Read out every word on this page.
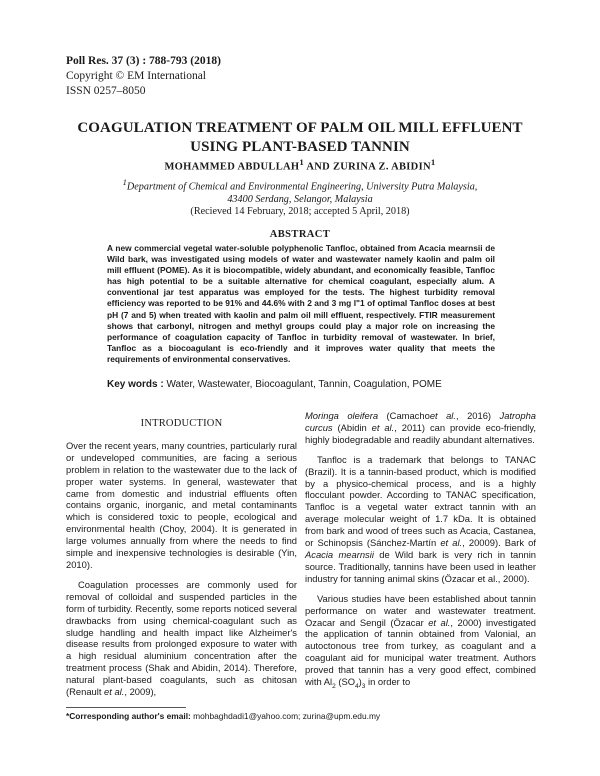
Poll Res. 37 (3) : 788-793 (2018)
Copyright © EM International
ISSN 0257–8050
COAGULATION TREATMENT OF PALM OIL MILL EFFLUENT
USING PLANT-BASED TANNIN
MOHAMMED ABDULLAH$^1$ AND ZURINA Z. ABIDIN$^1$
$^1$Department of Chemical and Environmental Engineering, University Putra Malaysia,
43400 Serdang, Selangor, Malaysia
(Recieved 14 February, 2018; accepted 5 April, 2018)
ABSTRACT
A new commercial vegetal water-soluble polyphenolic Tanfloc, obtained from Acacia mearnsii de Wild bark, was investigated using models of water and wastewater namely kaolin and palm oil mill effluent (POME). As it is biocompatible, widely abundant, and economically feasible, Tanfloc has high potential to be a suitable alternative for chemical coagulant, especially alum. A conventional jar test apparatus was employed for the tests. The highest turbidity removal efficiency was reported to be 91% and 44.6% with 2 and 3 mg l"1 of optimal Tanfloc doses at best pH (7 and 5) when treated with kaolin and palm oil mill effluent, respectively. FTIR measurement shows that carbonyl, nitrogen and methyl groups could play a major role on increasing the performance of coagulation capacity of Tanfloc in turbidity removal of wastewater. In brief, Tanfloc as a biocoagulant is eco-friendly and it improves water quality that meets the requirements of environmental conservatives.
Key words : Water, Wastewater, Biocoagulant, Tannin, Coagulation, POME
INTRODUCTION

Over the recent years, many countries, particularly rural or undeveloped communities, are facing a serious problem in relation to the wastewater due to the lack of proper water systems. In general, wastewater that came from domestic and industrial effluents often contains organic, inorganic, and metal contaminants which is considered toxic to people, ecological and environmental health (Choy, 2004). It is generated in large volumes annually from where the needs to find simple and inexpensive technologies is desirable (Yin, 2010).

Coagulation processes are commonly used for removal of colloidal and suspended particles in the form of turbidity. Recently, some reports noticed several drawbacks from using chemical-coagulant such as sludge handling and health impact like Alzheimer's disease results from prolonged exposure to water with a high residual aluminium concentration after the treatment process (Shak and Abidin, 2014). Therefore, natural plant-based coagulants, such as chitosan (Renault et al., 2009),

Moringa oleifera (Camachoet al., 2016) Jatropha curcus (Abidin et al., 2011) can provide eco-friendly, highly biodegradable and readily abundant alternatives.

Tanfloc is a trademark that belongs to TANAC (Brazil). It is a tannin-based product, which is modified by a physico-chemical process, and is a highly flocculant powder. According to TANAC specification, Tanfloc is a vegetal water extract tannin with an average molecular weight of 1.7 kDa. It is obtained from bark and wood of trees such as Acacia, Castanea, or Schinopsis (Sánchez-Martín et al., 20009). Bark of Acacia mearnsii de Wild bark is very rich in tannin source. Traditionally, tannins have been used in leather industry for tanning animal skins (Özacar et al., 2000).

Various studies have been established about tannin performance on water and wastewater treatment. Ozacar and Sengil (Özacar et al., 2000) investigated the application of tannin obtained from Valonial, an autoctonous tree from turkey, as coagulant and a coagulant aid for municipal water treatment. Authors proved that tannin has a very good effect, combined with $Al_2$ $(SO_4)_3$ in order to

*Corresponding author's email: mohbaghdadi1@yahoo.com; zurina@upm.edu.my
